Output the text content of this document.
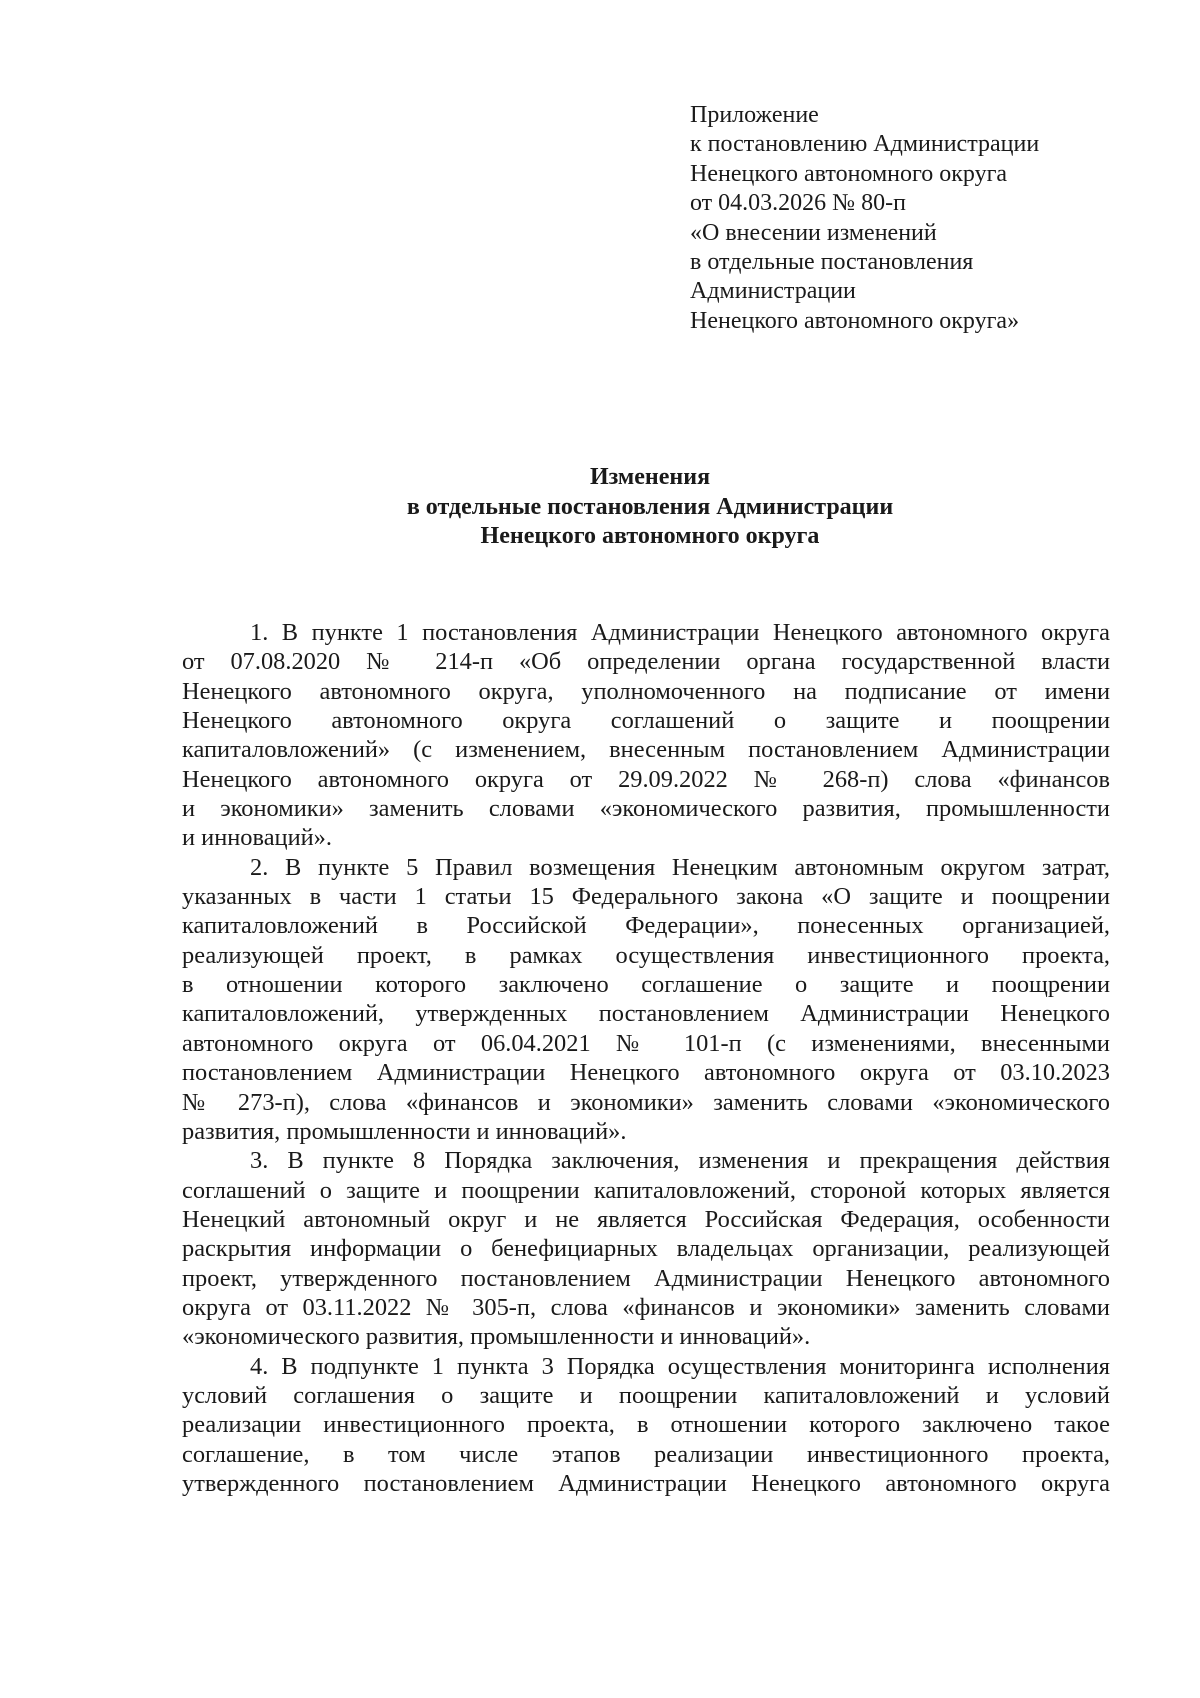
Приложение
к постановлению Администрации
Ненецкого автономного округа
от 04.03.2026 № 80-п
«О внесении изменений
в отдельные постановления
Администрации
Ненецкого автономного округа»
Изменения
в отдельные постановления Администрации
Ненецкого автономного округа
1. В пункте 1 постановления Администрации Ненецкого автономного округа
от 07.08.2020 № 214-п «Об определении органа государственной власти
Ненецкого автономного округа, уполномоченного на подписание от имени
Ненецкого автономного округа соглашений о защите и поощрении
капиталовложений» (с изменением, внесенным постановлением Администрации
Ненецкого автономного округа от 29.09.2022 № 268-п) слова «финансов
и экономики» заменить словами «экономического развития, промышленности
и инноваций».
2. В пункте 5 Правил возмещения Ненецким автономным округом затрат,
указанных в части 1 статьи 15 Федерального закона «О защите и поощрении
капиталовложений в Российской Федерации», понесенных организацией,
реализующей проект, в рамках осуществления инвестиционного проекта,
в отношении которого заключено соглашение о защите и поощрении
капиталовложений, утвержденных постановлением Администрации Ненецкого
автономного округа от 06.04.2021 № 101-п (с изменениями, внесенными
постановлением Администрации Ненецкого автономного округа от 03.10.2023
№ 273-п), слова «финансов и экономики» заменить словами «экономического
развития, промышленности и инноваций».
3. В пункте 8 Порядка заключения, изменения и прекращения действия
соглашений о защите и поощрении капиталовложений, стороной которых является
Ненецкий автономный округ и не является Российская Федерация, особенности
раскрытия информации о бенефициарных владельцах организации, реализующей
проект, утвержденного постановлением Администрации Ненецкого автономного
округа от 03.11.2022 № 305-п, слова «финансов и экономики» заменить словами
«экономического развития, промышленности и инноваций».
4. В подпункте 1 пункта 3 Порядка осуществления мониторинга исполнения
условий соглашения о защите и поощрении капиталовложений и условий
реализации инвестиционного проекта, в отношении которого заключено такое
соглашение, в том числе этапов реализации инвестиционного проекта,
утвержденного постановлением Администрации Ненецкого автономного округа
